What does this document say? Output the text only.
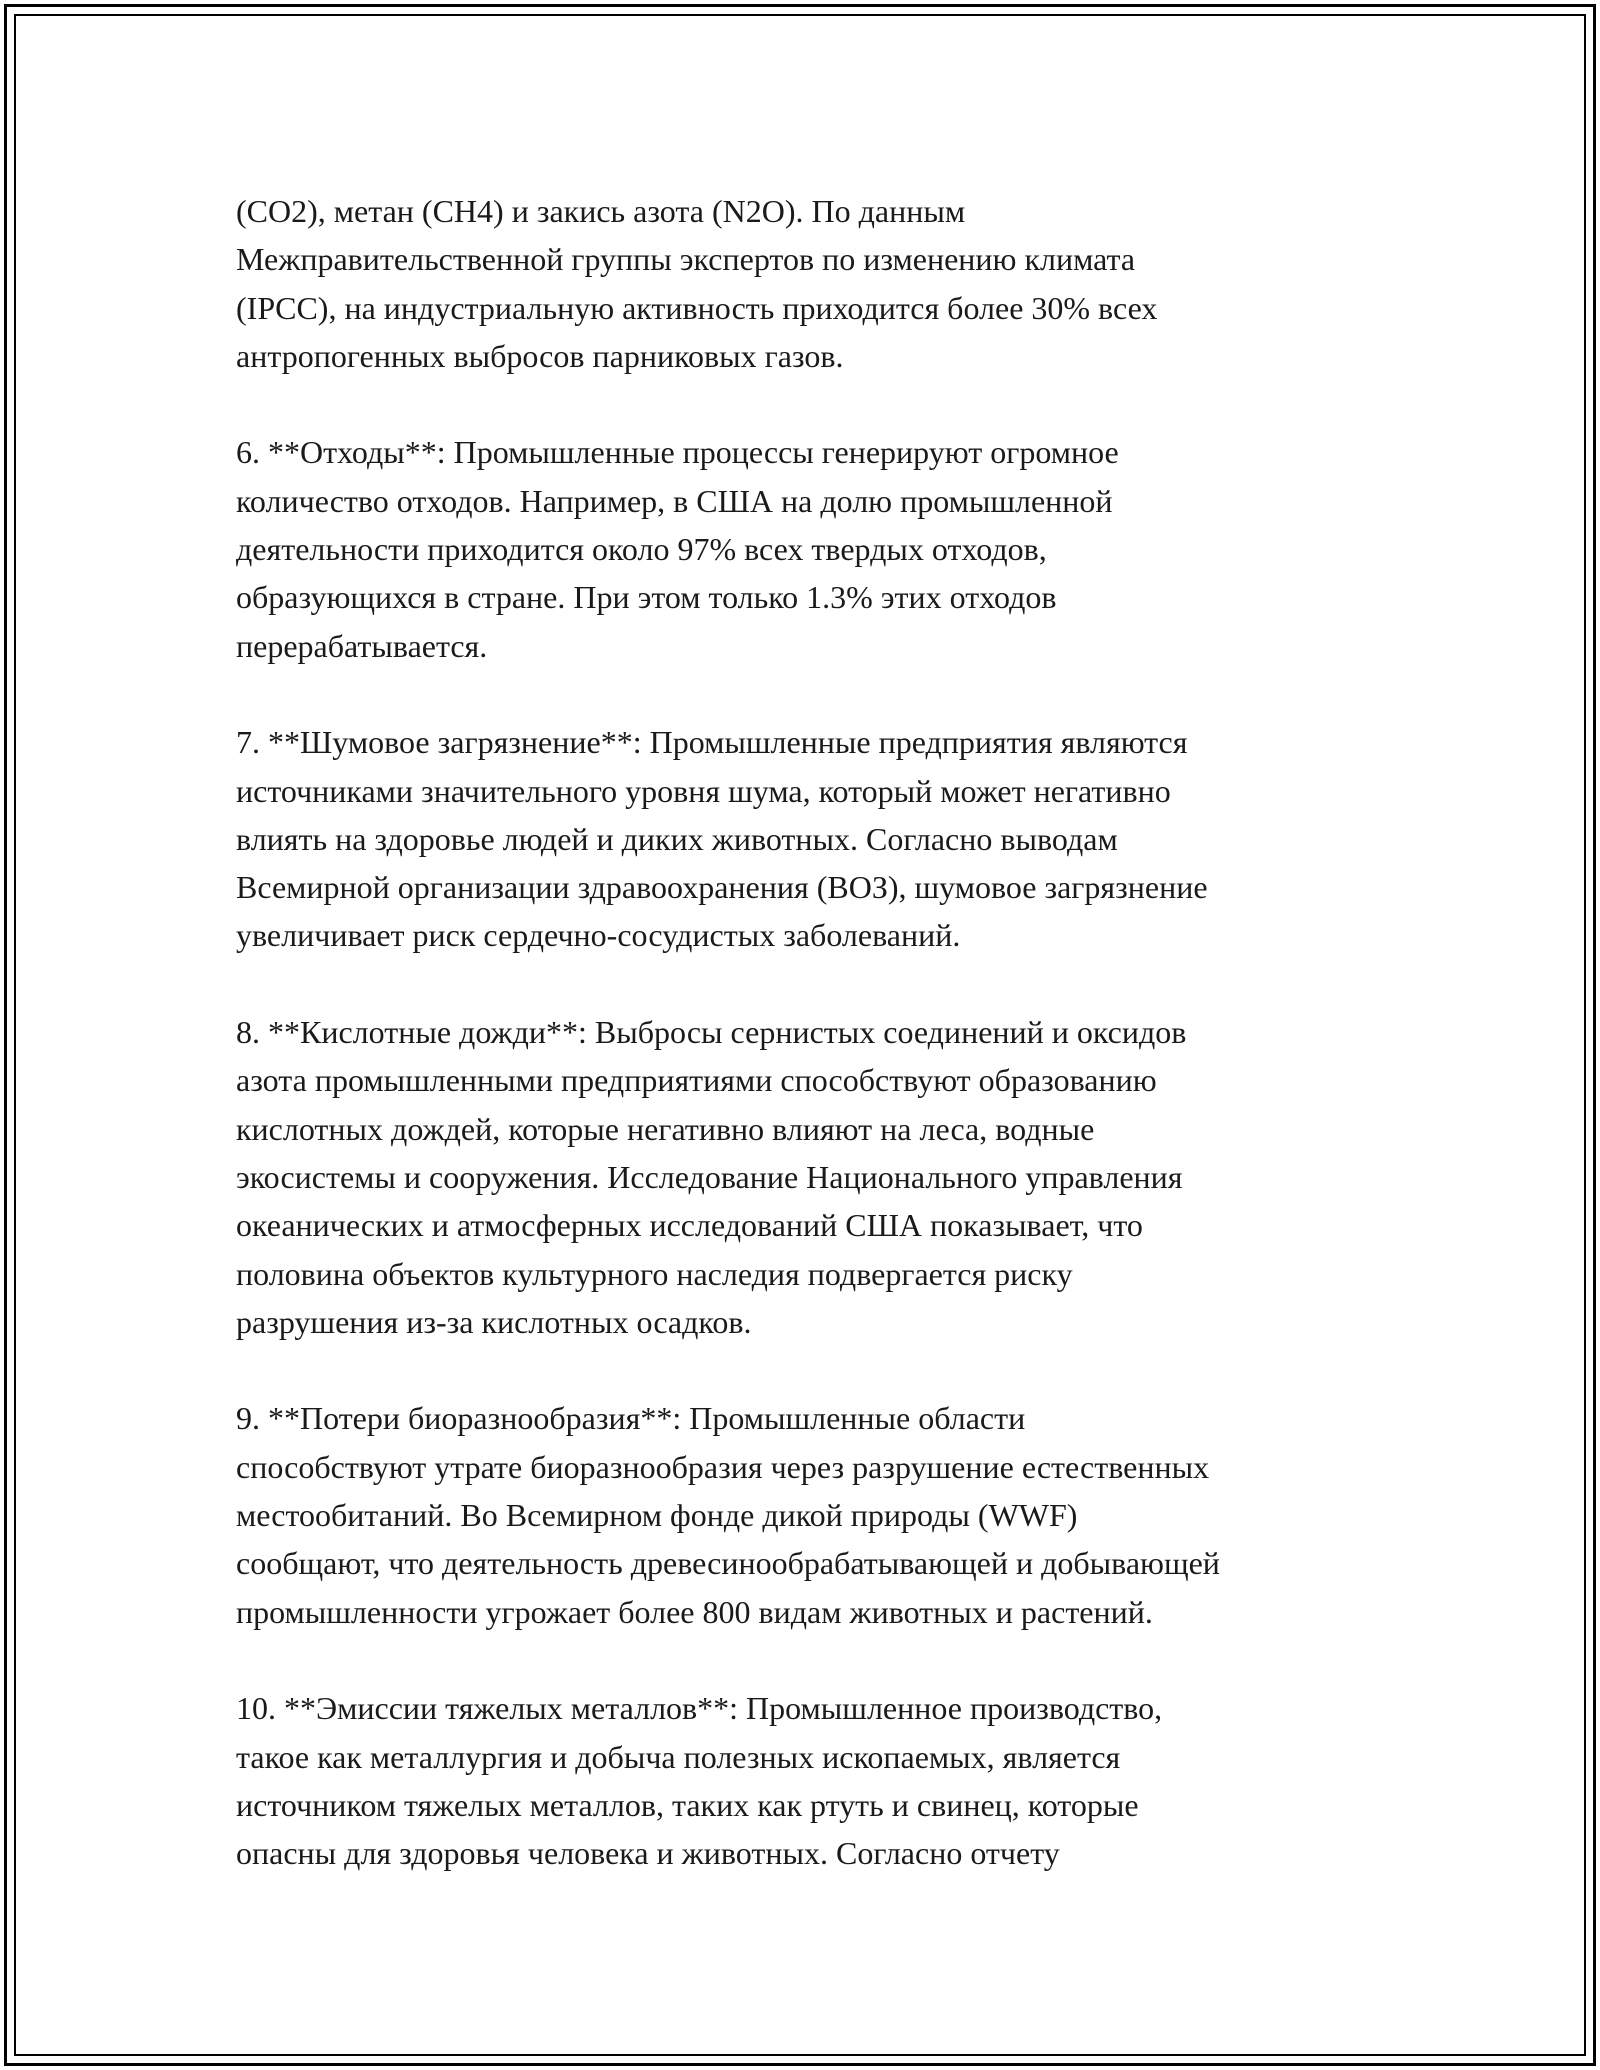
(CO2), метан (CH4) и закись азота (N2O). По данным
Межправительственной группы экспертов по изменению климата
(IPCC), на индустриальную активность приходится более 30% всех
антропогенных выбросов парниковых газов.

6. **Отходы**: Промышленные процессы генерируют огромное
количество отходов. Например, в США на долю промышленной
деятельности приходится около 97% всех твердых отходов,
образующихся в стране. При этом только 1.3% этих отходов
перерабатывается.

7. **Шумовое загрязнение**: Промышленные предприятия являются
источниками значительного уровня шума, который может негативно
влиять на здоровье людей и диких животных. Согласно выводам
Всемирной организации здравоохранения (ВОЗ), шумовое загрязнение
увеличивает риск сердечно-сосудистых заболеваний.

8. **Кислотные дожди**: Выбросы сернистых соединений и оксидов
азота промышленными предприятиями способствуют образованию
кислотных дождей, которые негативно влияют на леса, водные
экосистемы и сооружения. Исследование Национального управления
океанических и атмосферных исследований США показывает, что
половина объектов культурного наследия подвергается риску
разрушения из-за кислотных осадков.

9. **Потери биоразнообразия**: Промышленные области
способствуют утрате биоразнообразия через разрушение естественных
местообитаний. Во Всемирном фонде дикой природы (WWF)
сообщают, что деятельность древесинообрабатывающей и добывающей
промышленности угрожает более 800 видам животных и растений.

10. **Эмиссии тяжелых металлов**: Промышленное производство,
такое как металлургия и добыча полезных ископаемых, является
источником тяжелых металлов, таких как ртуть и свинец, которые
опасны для здоровья человека и животных. Согласно отчету
